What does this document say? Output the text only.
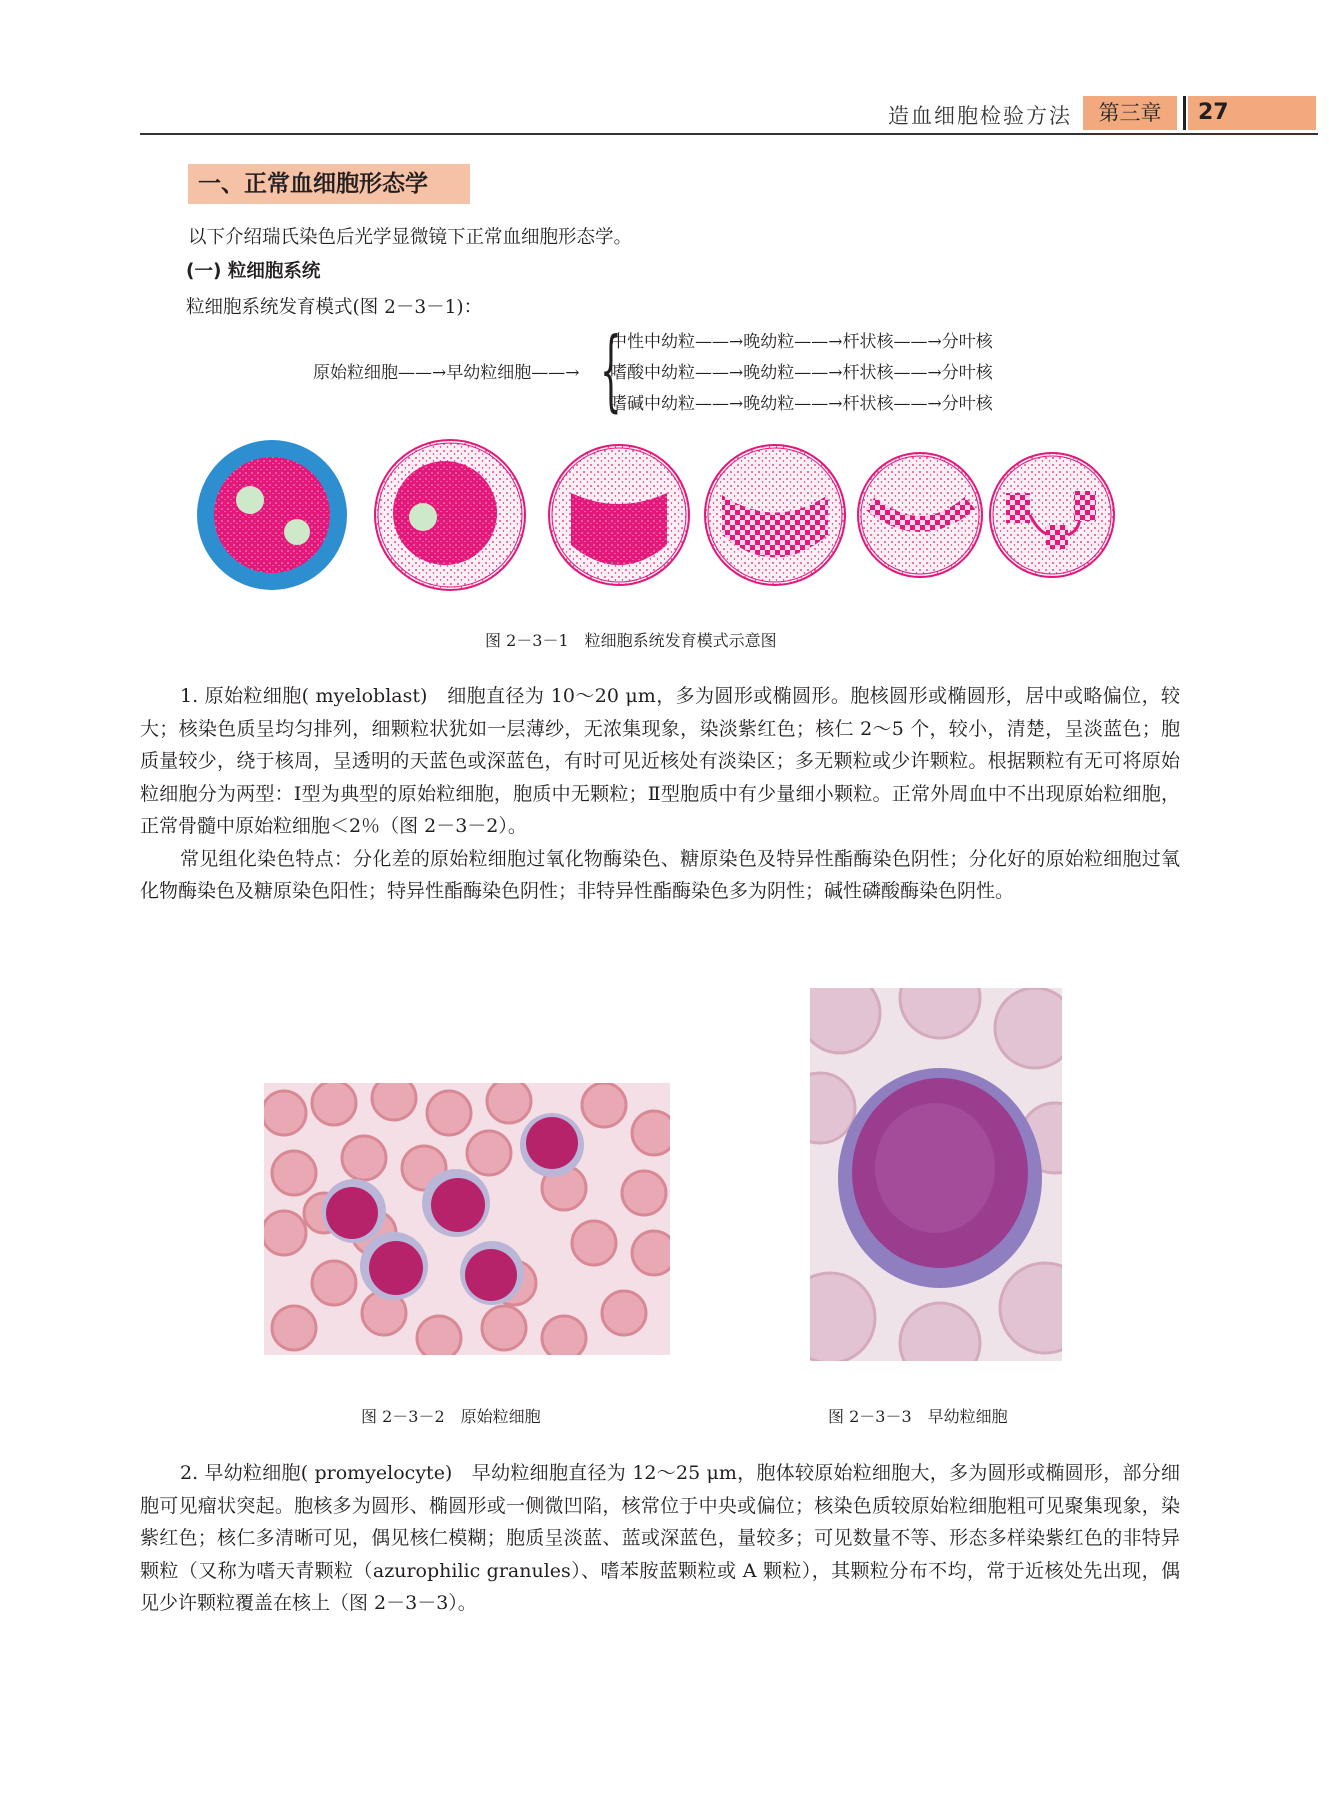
造血细胞检验方法	第三章	27
一、正常血细胞形态学
以下介绍瑞氏染色后光学显微镜下正常血细胞形态学。
(一) 粒细胞系统
粒细胞系统发育模式(图 2－3－1)：
原始粒细胞——→早幼粒细胞——→ {
中性中幼粒——→晚幼粒——→杆状核——→分叶核
嗜酸中幼粒——→晚幼粒——→杆状核——→分叶核
嗜碱中幼粒——→晚幼粒——→杆状核——→分叶核
图 2－3－1　粒细胞系统发育模式示意图

1. 原始粒细胞( myeloblast)　细胞直径为 10～20 μm，多为圆形或椭圆形。胞核圆形或椭圆形，居中或略偏位，较大；核染色质呈均匀排列，细颗粒状犹如一层薄纱，无浓集现象，染淡紫红色；核仁 2～5 个，较小，清楚，呈淡蓝色；胞质量较少，绕于核周，呈透明的天蓝色或深蓝色，有时可见近核处有淡染区；多无颗粒或少许颗粒。根据颗粒有无可将原始粒细胞分为两型：Ⅰ型为典型的原始粒细胞，胞质中无颗粒；Ⅱ型胞质中有少量细小颗粒。正常外周血中不出现原始粒细胞，正常骨髓中原始粒细胞＜2％（图 2－3－2）。

常见组化染色特点：分化差的原始粒细胞过氧化物酶染色、糖原染色及特异性酯酶染色阴性；分化好的原始粒细胞过氧化物酶染色及糖原染色阳性；特异性酯酶染色阴性；非特异性酯酶染色多为阴性；碱性磷酸酶染色阴性。

图 2－3－2　原始粒细胞	图 2－3－3　早幼粒细胞

2. 早幼粒细胞( promyelocyte)　早幼粒细胞直径为 12～25 μm，胞体较原始粒细胞大，多为圆形或椭圆形，部分细胞可见瘤状突起。胞核多为圆形、椭圆形或一侧微凹陷，核常位于中央或偏位；核染色质较原始粒细胞粗可见聚集现象，染紫红色；核仁多清晰可见，偶见核仁模糊；胞质呈淡蓝、蓝或深蓝色，量较多；可见数量不等、形态多样染紫红色的非特异颗粒（又称为嗜天青颗粒（azurophilic granules）、嗜苯胺蓝颗粒或 A 颗粒），其颗粒分布不均，常于近核处先出现，偶见少许颗粒覆盖在核上（图 2－3－3）。
